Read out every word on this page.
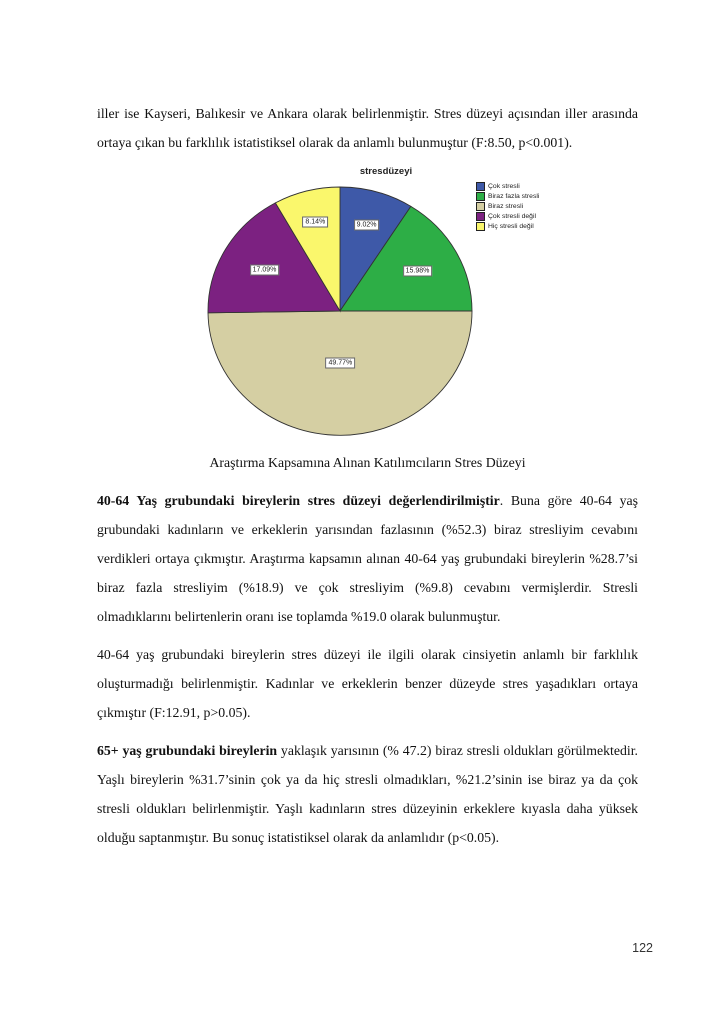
iller ise Kayseri, Balıkesir ve Ankara olarak belirlenmiştir. Stres düzeyi açısından iller arasında ortaya çıkan bu farklılık istatistiksel olarak da anlamlı bulunmuştur (F:8.50, p<0.001).

stresdüzeyi
Çok stresli
Biraz fazla stresli
Biraz stresli
Çok stresli değil
Hiç stresli değil
9.02%
15.98%
49.77%
17.09%
8.14%
Araştırma Kapsamına Alınan Katılımcıların Stres Düzeyi

40-64 Yaş grubundaki bireylerin stres düzeyi değerlendirilmiştir. Buna göre 40-64 yaş grubundaki kadınların ve erkeklerin yarısından fazlasının (%52.3) biraz stresliyim cevabını verdikleri ortaya çıkmıştır. Araştırma kapsamın alınan 40-64 yaş grubundaki bireylerin %28.7’si biraz fazla stresliyim (%18.9) ve çok stresliyim (%9.8) cevabını vermişlerdir. Stresli olmadıklarını belirtenlerin oranı ise toplamda %19.0 olarak bulunmuştur.

40-64 yaş grubundaki bireylerin stres düzeyi ile ilgili olarak cinsiyetin anlamlı bir farklılık oluşturmadığı belirlenmiştir. Kadınlar ve erkeklerin benzer düzeyde stres yaşadıkları ortaya çıkmıştır (F:12.91, p>0.05).

65+ yaş grubundaki bireylerin yaklaşık yarısının (% 47.2) biraz stresli oldukları görülmektedir. Yaşlı bireylerin %31.7’sinin çok ya da hiç stresli olmadıkları, %21.2’sinin ise biraz ya da çok stresli oldukları belirlenmiştir. Yaşlı kadınların stres düzeyinin erkeklere kıyasla daha yüksek olduğu saptanmıştır. Bu sonuç istatistiksel olarak da anlamlıdır (p<0.05).

122
